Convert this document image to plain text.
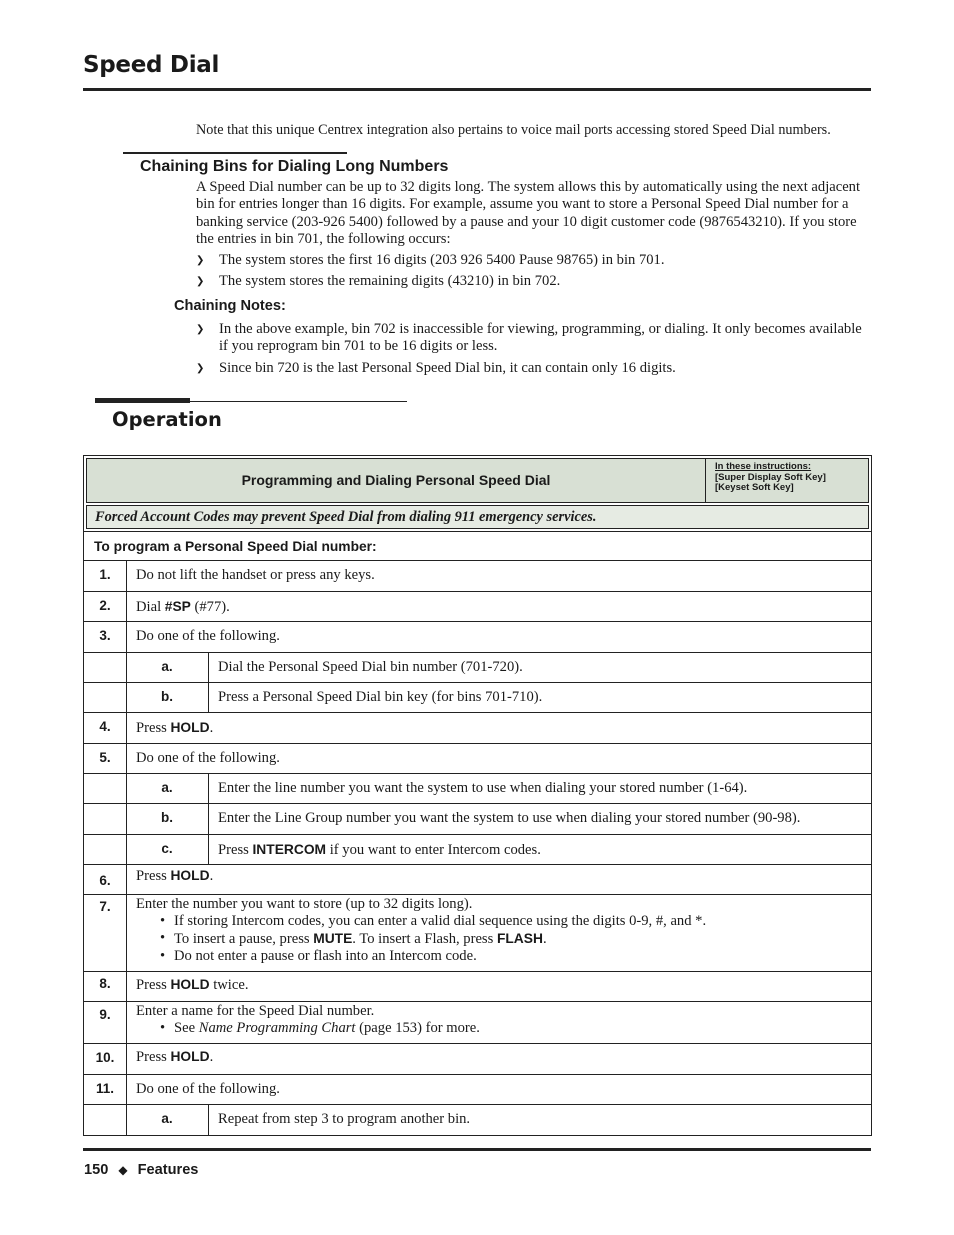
Speed Dial
Note that this unique Centrex integration also pertains to voice mail ports accessing stored Speed Dial numbers.
Chaining Bins for Dialing Long Numbers
A Speed Dial number can be up to 32 digits long. The system allows this by automatically using the next adjacent bin for entries longer than 16 digits. For example, assume you want to store a Personal Speed Dial number for a banking service (203-926 5400) followed by a pause and your 10 digit customer code (9876543210). If you store the entries in bin 701, the following occurs:
❯ The system stores the first 16 digits (203 926 5400 Pause 98765) in bin 701.
❯ The system stores the remaining digits (43210) in bin 702.
Chaining Notes:
❯ In the above example, bin 702 is inaccessible for viewing, programming, or dialing. It only becomes available if you reprogram bin 701 to be 16 digits or less.
❯ Since bin 720 is the last Personal Speed Dial bin, it can contain only 16 digits.
Operation
Programming and Dialing Personal Speed Dial
In these instructions:
[Super Display Soft Key]
[Keyset Soft Key]
Forced Account Codes may prevent Speed Dial from dialing 911 emergency services.
To program a Personal Speed Dial number:
1.	Do not lift the handset or press any keys.
2.	Dial #SP (#77).
3.	Do one of the following.
a.	Dial the Personal Speed Dial bin number (701-720).
b.	Press a Personal Speed Dial bin key (for bins 701-710).
4.	Press HOLD.
5.	Do one of the following.
a.	Enter the line number you want the system to use when dialing your stored number (1-64).
b.	Enter the Line Group number you want the system to use when dialing your stored number (90-98).
c.	Press INTERCOM if you want to enter Intercom codes.
6.	Press HOLD.
7.	Enter the number you want to store (up to 32 digits long).
• If storing Intercom codes, you can enter a valid dial sequence using the digits 0-9, #, and *.
• To insert a pause, press MUTE. To insert a Flash, press FLASH.
• Do not enter a pause or flash into an Intercom code.
8.	Press HOLD twice.
9.	Enter a name for the Speed Dial number.
• See Name Programming Chart (page 153) for more.
10.	Press HOLD.
11.	Do one of the following.
a.	Repeat from step 3 to program another bin.
150 ◆ Features
